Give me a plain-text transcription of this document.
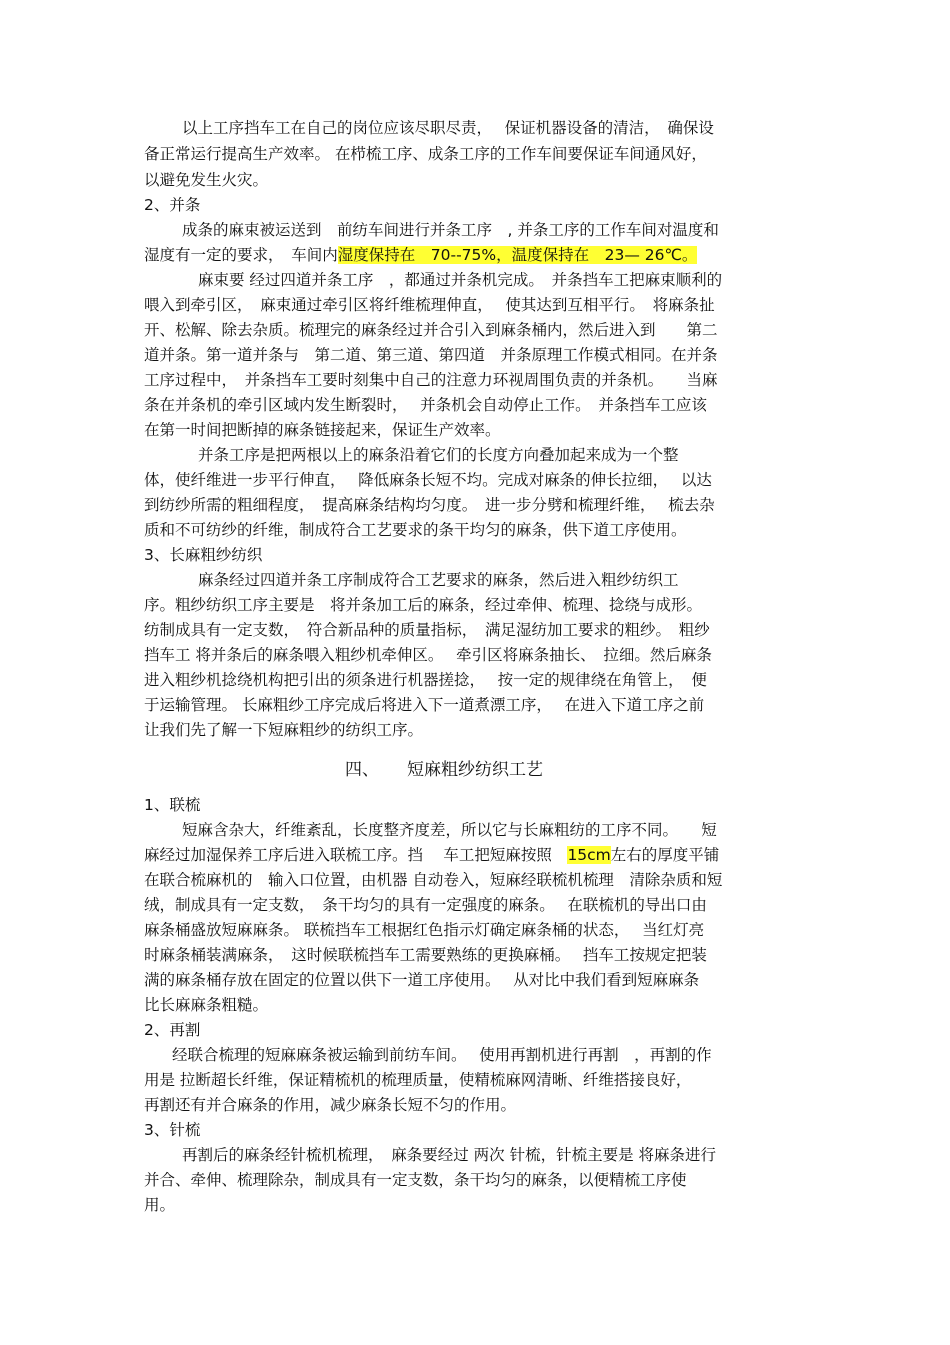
以上工序挡车工在自己的岗位应该尽职尽责，　 保证机器设备的清洁，　确保设
备正常运行提高生产效率。 在栉梳工序、成条工序的工作车间要保证车间通风好，
以避免发生火灾。
2、并条
成条的麻束被运送到　前纺车间进行并条工序　, 并条工序的工作车间对温度和
湿度有一定的要求，　车间内湿度保持在　70--75%，温度保持在　23— 26℃。
麻束要 经过四道并条工序　，都通过并条机完成。　并条挡车工把麻束顺利的
喂入到牵引区，　麻束通过牵引区将纤维梳理伸直，　 使其达到互相平行。　将麻条扯
开、松解、除去杂质。梳理完的麻条经过并合引入到麻条桶内，然后进入到　　第二
道并条。第一道并条与　第二道、第三道、第四道　并条原理工作模式相同。在并条
工序过程中，　并条挡车工要时刻集中自己的注意力环视周围负责的并条机。　　当麻
条在并条机的牵引区域内发生断裂时，　 并条机会自动停止工作。　并条挡车工应该
在第一时间把断掉的麻条链接起来，保证生产效率。
并条工序是把两根以上的麻条沿着它们的长度方向叠加起来成为一个整
体，使纤维进一步平行伸直，　 降低麻条长短不均。完成对麻条的伸长拉细，　 以达
到纺纱所需的粗细程度，　提高麻条结构均匀度。　进一步分劈和梳理纤维，　 梳去杂
质和不可纺纱的纤维，制成符合工艺要求的条干均匀的麻条，供下道工序使用。
3、长麻粗纱纺织
麻条经过四道并条工序制成符合工艺要求的麻条，然后进入粗纱纺织工
序。粗纱纺织工序主要是　将并条加工后的麻条，经过牵伸、梳理、捻绕与成形。
纺制成具有一定支数，　符合新品种的质量指标，　满足湿纺加工要求的粗纱。　粗纱
挡车工 将并条后的麻条喂入粗纱机牵伸区。　 牵引区将麻条抽长、　拉细。然后麻条
进入粗纱机捻绕机构把引出的须条进行机器搓捻，　 按一定的规律绕在角管上，　便
于运输管理。 长麻粗纱工序完成后将进入下一道煮漂工序，　 在进入下道工序之前
让我们先了解一下短麻粗纱的纺织工序。
四、 短麻粗纱纺织工艺
1、联梳
短麻含杂大，纤维紊乱，长度整齐度差，所以它与长麻粗纺的工序不同。　　短
麻经过加湿保养工序后进入联梳工序。挡　 车工把短麻按照　15cm左右的厚度平铺
在联合梳麻机的　输入口位置，由机器 自动卷入，短麻经联梳机梳理　清除杂质和短
绒，制成具有一定支数，　条干均匀的具有一定强度的麻条。　 在联梳机的导出口由
麻条桶盛放短麻麻条。 联梳挡车工根据红色指示灯确定麻条桶的状态，　 当红灯亮
时麻条桶装满麻条，　这时候联梳挡车工需要熟练的更换麻桶。　 挡车工按规定把装
满的麻条桶存放在固定的位置以供下一道工序使用。　 从对比中我们看到短麻麻条
比长麻麻条粗糙。
2、再割
经联合梳理的短麻麻条被运输到前纺车间。　 使用再割机进行再割　，再割的作
用是 拉断超长纤维，保证精梳机的梳理质量，使精梳麻网清晰、纤维搭接良好，
再割还有并合麻条的作用，减少麻条长短不匀的作用。
3、针梳
再割后的麻条经针梳机梳理，　麻条要经过 两次 针梳，针梳主要是 将麻条进行
并合、牵伸、梳理除杂，制成具有一定支数，条干均匀的麻条，以便精梳工序使
用。
